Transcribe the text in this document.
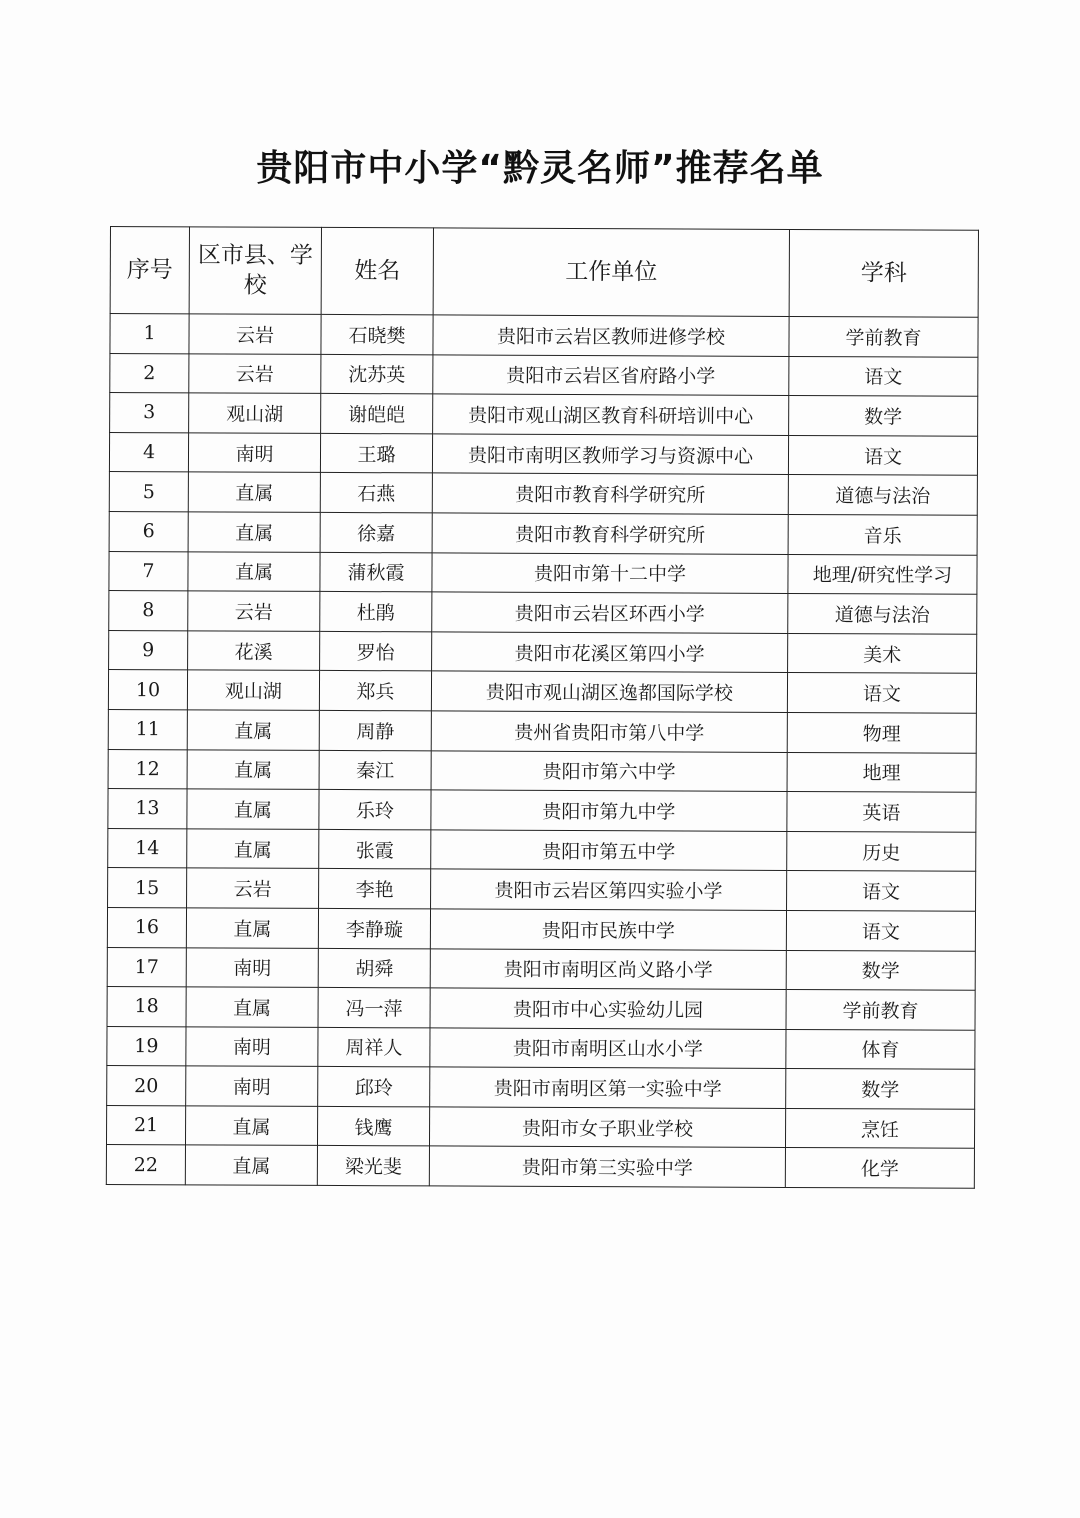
贵阳市中小学“黔灵名师”推荐名单
序号	区市县、学校	姓名	工作单位	学科
1	云岩	石晓樊	贵阳市云岩区教师进修学校	学前教育
2	云岩	沈苏英	贵阳市云岩区省府路小学	语文
3	观山湖	谢皑皑	贵阳市观山湖区教育科研培训中心	数学
4	南明	王璐	贵阳市南明区教师学习与资源中心	语文
5	直属	石燕	贵阳市教育科学研究所	道德与法治
6	直属	徐嘉	贵阳市教育科学研究所	音乐
7	直属	蒲秋霞	贵阳市第十二中学	地理/研究性学习
8	云岩	杜鹃	贵阳市云岩区环西小学	道德与法治
9	花溪	罗怡	贵阳市花溪区第四小学	美术
10	观山湖	郑兵	贵阳市观山湖区逸都国际学校	语文
11	直属	周静	贵州省贵阳市第八中学	物理
12	直属	秦江	贵阳市第六中学	地理
13	直属	乐玲	贵阳市第九中学	英语
14	直属	张霞	贵阳市第五中学	历史
15	云岩	李艳	贵阳市云岩区第四实验小学	语文
16	直属	李静璇	贵阳市民族中学	语文
17	南明	胡舜	贵阳市南明区尚义路小学	数学
18	直属	冯一萍	贵阳市中心实验幼儿园	学前教育
19	南明	周祥人	贵阳市南明区山水小学	体育
20	南明	邱玲	贵阳市南明区第一实验中学	数学
21	直属	钱鹰	贵阳市女子职业学校	烹饪
22	直属	梁光斐	贵阳市第三实验中学	化学
